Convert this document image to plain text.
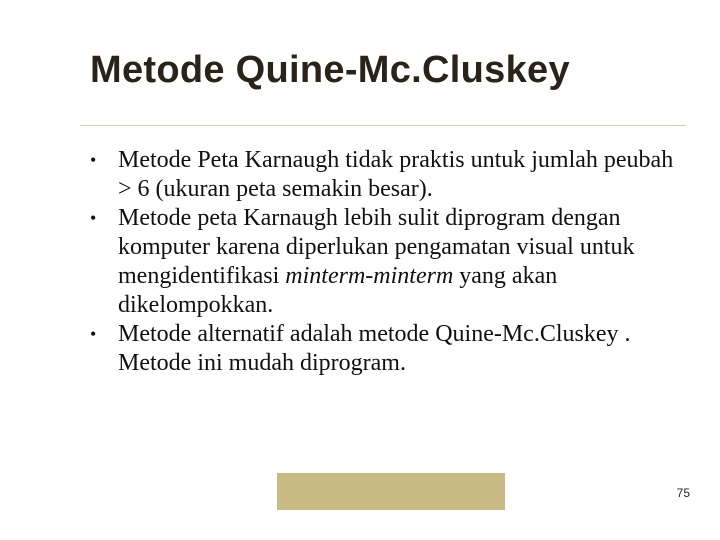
Metode Quine-Mc.Cluskey
• Metode Peta Karnaugh tidak praktis untuk jumlah peubah > 6 (ukuran peta semakin besar).
• Metode peta Karnaugh lebih sulit diprogram dengan komputer karena diperlukan pengamatan visual untuk mengidentifikasi minterm-minterm yang akan dikelompokkan.
• Metode alternatif adalah metode Quine-Mc.Cluskey . Metode ini mudah diprogram.
75
